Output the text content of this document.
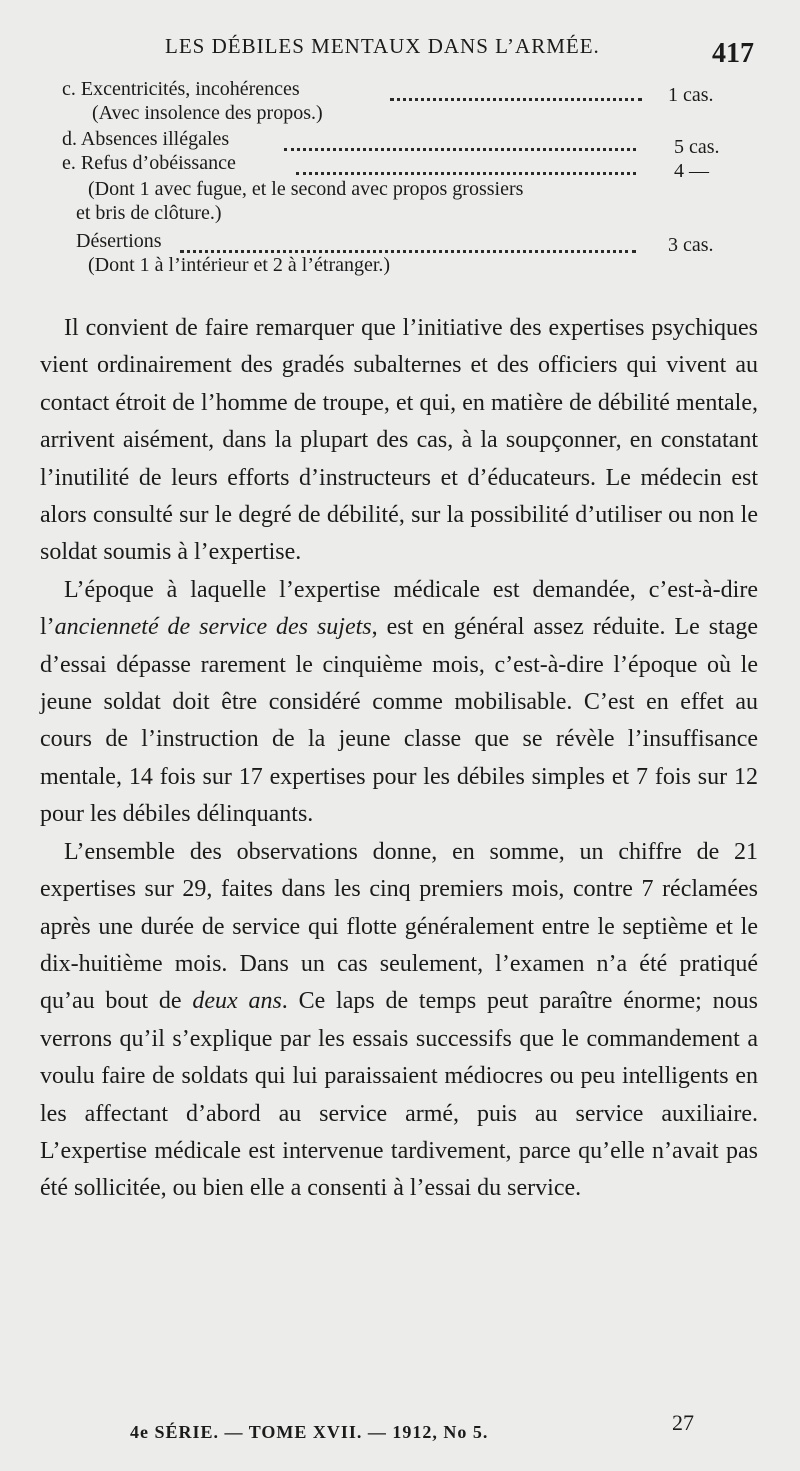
LES DÉBILES MENTAUX DANS L’ARMÉE.	417
c. Excentricités, incohérences	1 cas.
(Avec insolence des propos.)
d. Absences illégales	5 cas.
e. Refus d’obéissance	4 —
(Dont 1 avec fugue, et le second avec propos grossiers
et bris de clôture.)
Désertions	3 cas.
(Dont 1 à l’intérieur et 2 à l’étranger.)

Il convient de faire remarquer que l’initiative des expertises psychiques vient ordinairement des gradés subalternes et des officiers qui vivent au contact étroit de l’homme de troupe, et qui, en matière de débilité mentale, arrivent aisément, dans la plupart des cas, à la soupçonner, en constatant l’inutilité de leurs efforts d’instructeurs et d’éducateurs. Le médecin est alors consulté sur le degré de débilité, sur la possibilité d’utiliser ou non le soldat soumis à l’expertise.

L’époque à laquelle l’expertise médicale est demandée, c’est-à-dire l’ancienneté de service des sujets, est en général assez réduite. Le stage d’essai dépasse rarement le cinquième mois, c’est-à-dire l’époque où le jeune soldat doit être considéré comme mobilisable. C’est en effet au cours de l’instruction de la jeune classe que se révèle l’insuffisance mentale, 14 fois sur 17 expertises pour les débiles simples et 7 fois sur 12 pour les débiles délinquants.

L’ensemble des observations donne, en somme, un chiffre de 21 expertises sur 29, faites dans les cinq premiers mois, contre 7 réclamées après une durée de service qui flotte généralement entre le septième et le dix-huitième mois. Dans un cas seulement, l’examen n’a été pratiqué qu’au bout de deux ans. Ce laps de temps peut paraître énorme; nous verrons qu’il s’explique par les essais successifs que le commandement a voulu faire de soldats qui lui paraissaient médiocres ou peu intelligents en les affectant d’abord au service armé, puis au service auxiliaire. L’expertise médicale est intervenue tardivement, parce qu’elle n’avait pas été sollicitée, ou bien elle a consenti à l’essai du service.

4e SÉRIE. — TOME XVII. — 1912, No 5.	27
